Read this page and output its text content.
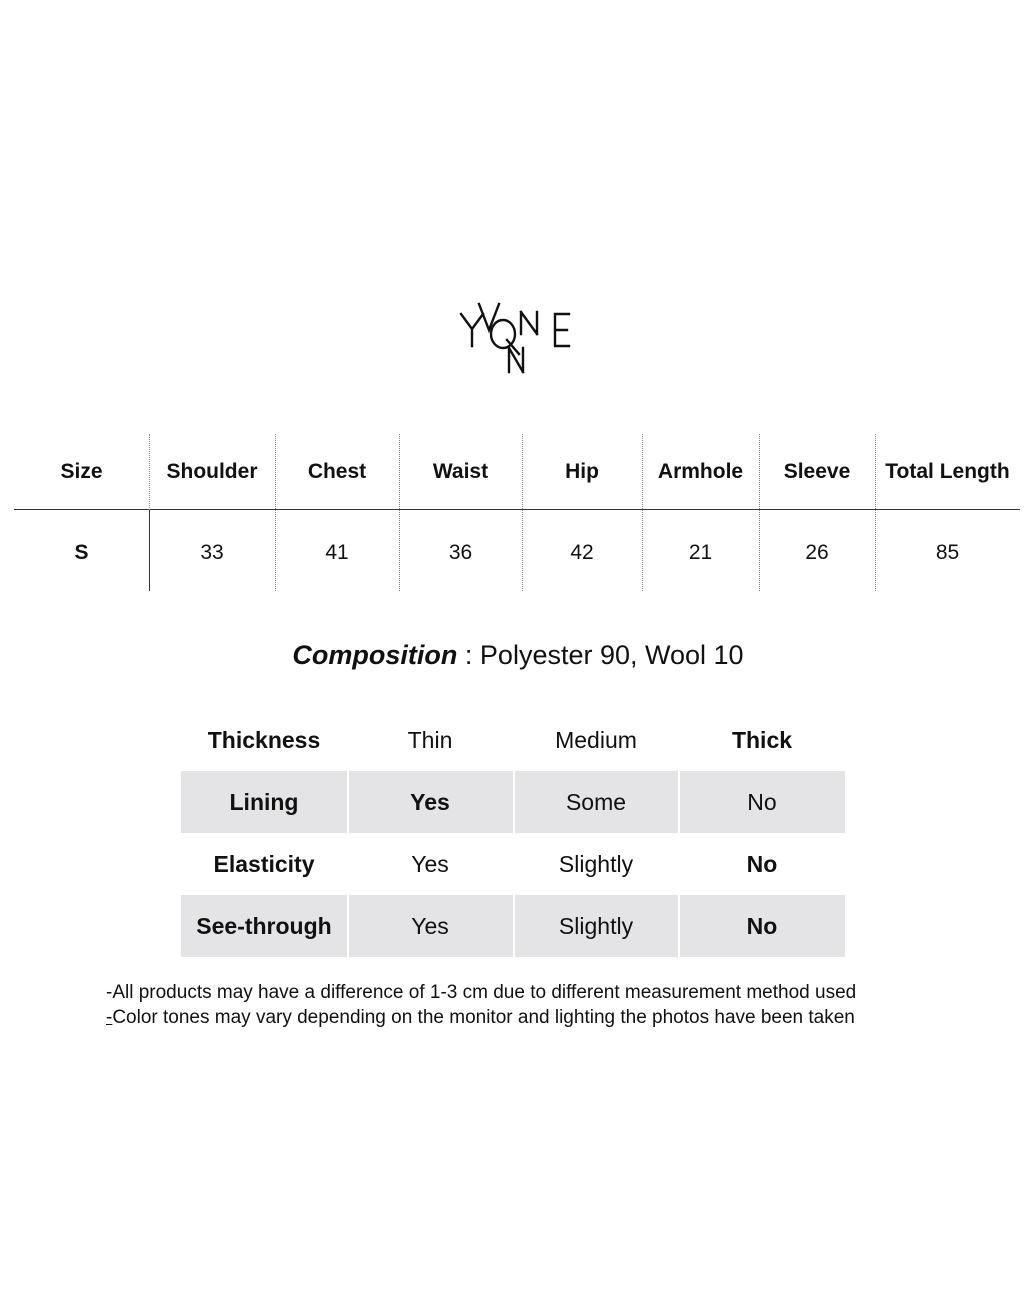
Size	Shoulder	Chest	Waist	Hip	Armhole	Sleeve	Total Length
S	33	41	36	42	21	26	85
Composition : Polyester 90, Wool 10
Thickness	Thin	Medium	Thick
Lining	Yes	Some	No
Elasticity	Yes	Slightly	No
See-through	Yes	Slightly	No
-All products may have a difference of 1-3 cm due to different measurement method used
-Color tones may vary depending on the monitor and lighting the photos have been taken
